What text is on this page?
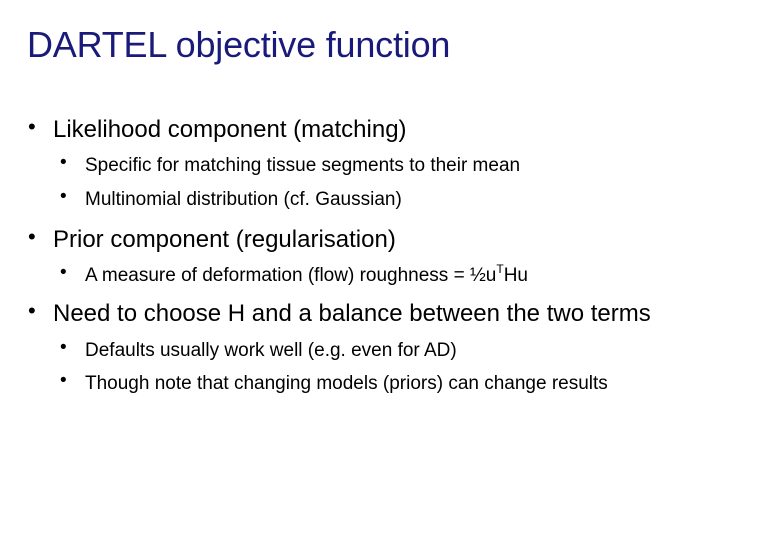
DARTEL objective function
• Likelihood component (matching)
• Specific for matching tissue segments to their mean
• Multinomial distribution (cf. Gaussian)
• Prior component (regularisation)
• A measure of deformation (flow) roughness = $\frac{1}{2}u^THu$
• Need to choose H and a balance between the two terms
• Defaults usually work well (e.g. even for AD)
• Though note that changing models (priors) can change results
